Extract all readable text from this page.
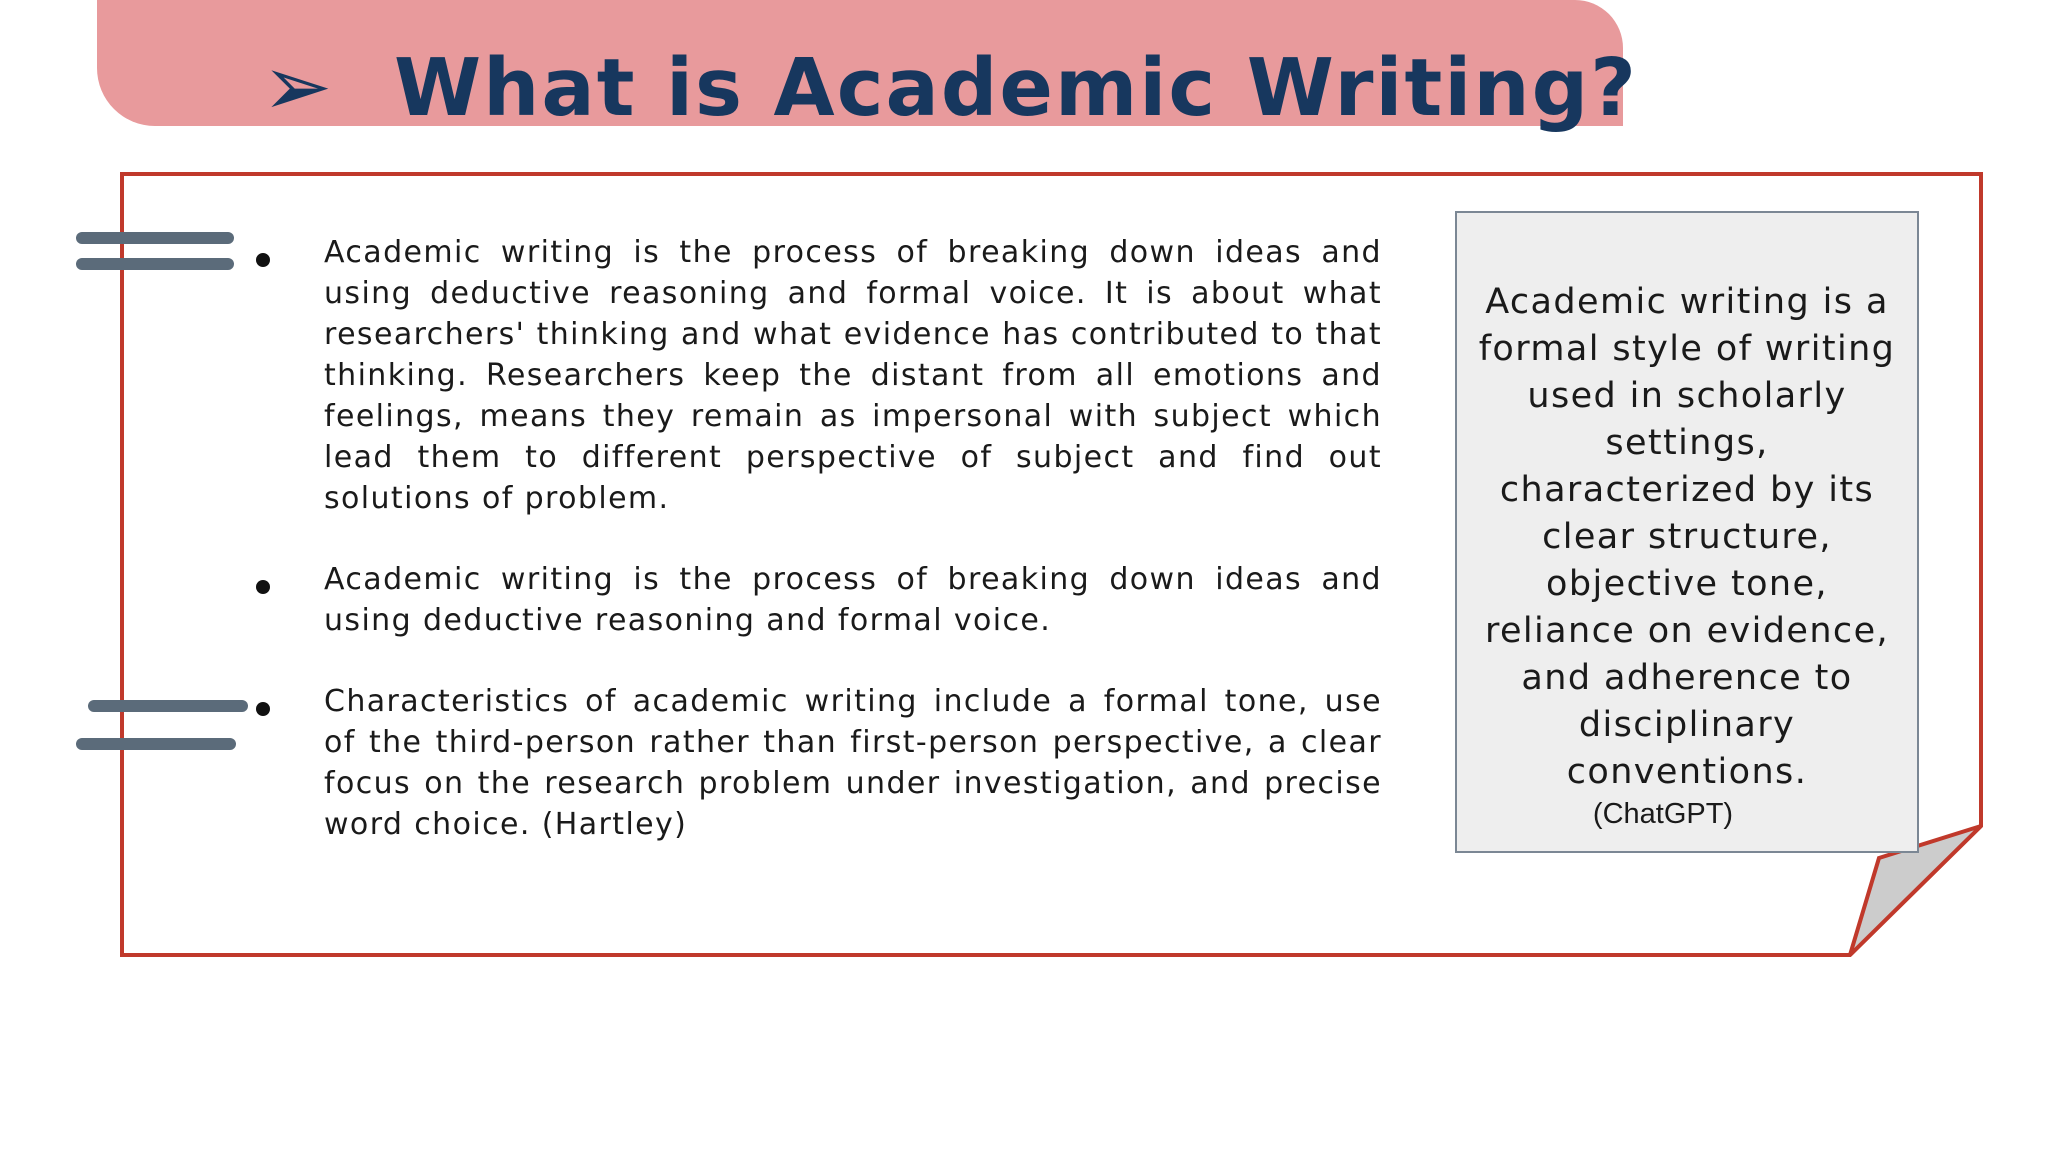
➢ What is Academic Writing?
Academic writing is the process of breaking down ideas and using deductive reasoning and formal voice. It is about what researchers' thinking and what evidence has contributed to that thinking. Researchers keep the distant from all emotions and feelings, means they remain as impersonal with subject which lead them to different perspective of subject and find out solutions of problem.
Academic writing is the process of breaking down ideas and using deductive reasoning and formal voice.
Characteristics of academic writing include a formal tone, use of the third-person rather than first-person perspective, a clear focus on the research problem under investigation, and precise word choice. (Hartley)
Academic writing is a formal style of writing used in scholarly settings, characterized by its clear structure, objective tone, reliance on evidence, and adherence to disciplinary conventions.
(ChatGPT)
